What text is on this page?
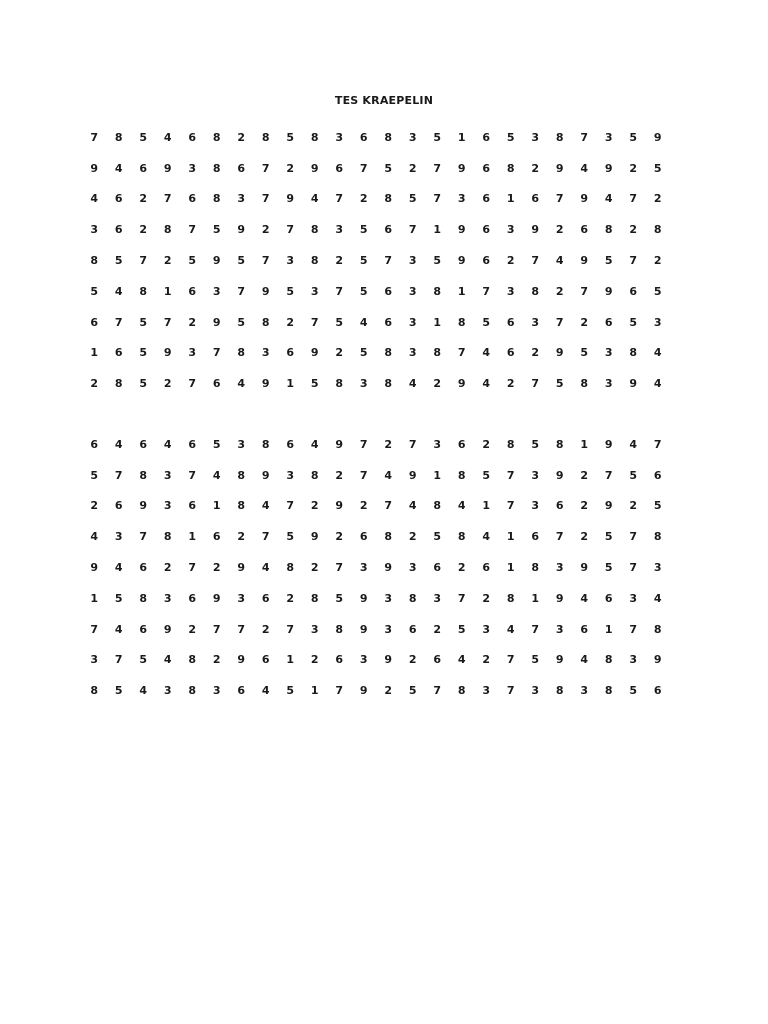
TES KRAEPELIN
7	8	5	4	6	8	2	8	5	8	3	6	8	3	5	1	6	5	3	8	7	3	5	9
9	4	6	9	3	8	6	7	2	9	6	7	5	2	7	9	6	8	2	9	4	9	2	5
4	6	2	7	6	8	3	7	9	4	7	2	8	5	7	3	6	1	6	7	9	4	7	2
3	6	2	8	7	5	9	2	7	8	3	5	6	7	1	9	6	3	9	2	6	8	2	8
8	5	7	2	5	9	5	7	3	8	2	5	7	3	5	9	6	2	7	4	9	5	7	2
5	4	8	1	6	3	7	9	5	3	7	5	6	3	8	1	7	3	8	2	7	9	6	5
6	7	5	7	2	9	5	8	2	7	5	4	6	3	1	8	5	6	3	7	2	6	5	3
1	6	5	9	3	7	8	3	6	9	2	5	8	3	8	7	4	6	2	9	5	3	8	4
2	8	5	2	7	6	4	9	1	5	8	3	8	4	2	9	4	2	7	5	8	3	9	4
6	4	6	4	6	5	3	8	6	4	9	7	2	7	3	6	2	8	5	8	1	9	4	7
5	7	8	3	7	4	8	9	3	8	2	7	4	9	1	8	5	7	3	9	2	7	5	6
2	6	9	3	6	1	8	4	7	2	9	2	7	4	8	4	1	7	3	6	2	9	2	5
4	3	7	8	1	6	2	7	5	9	2	6	8	2	5	8	4	1	6	7	2	5	7	8
9	4	6	2	7	2	9	4	8	2	7	3	9	3	6	2	6	1	8	3	9	5	7	3
1	5	8	3	6	9	3	6	2	8	5	9	3	8	3	7	2	8	1	9	4	6	3	4
7	4	6	9	2	7	7	2	7	3	8	9	3	6	2	5	3	4	7	3	6	1	7	8
3	7	5	4	8	2	9	6	1	2	6	3	9	2	6	4	2	7	5	9	4	8	3	9
8	5	4	3	8	3	6	4	5	1	7	9	2	5	7	8	3	7	3	8	3	8	5	6
